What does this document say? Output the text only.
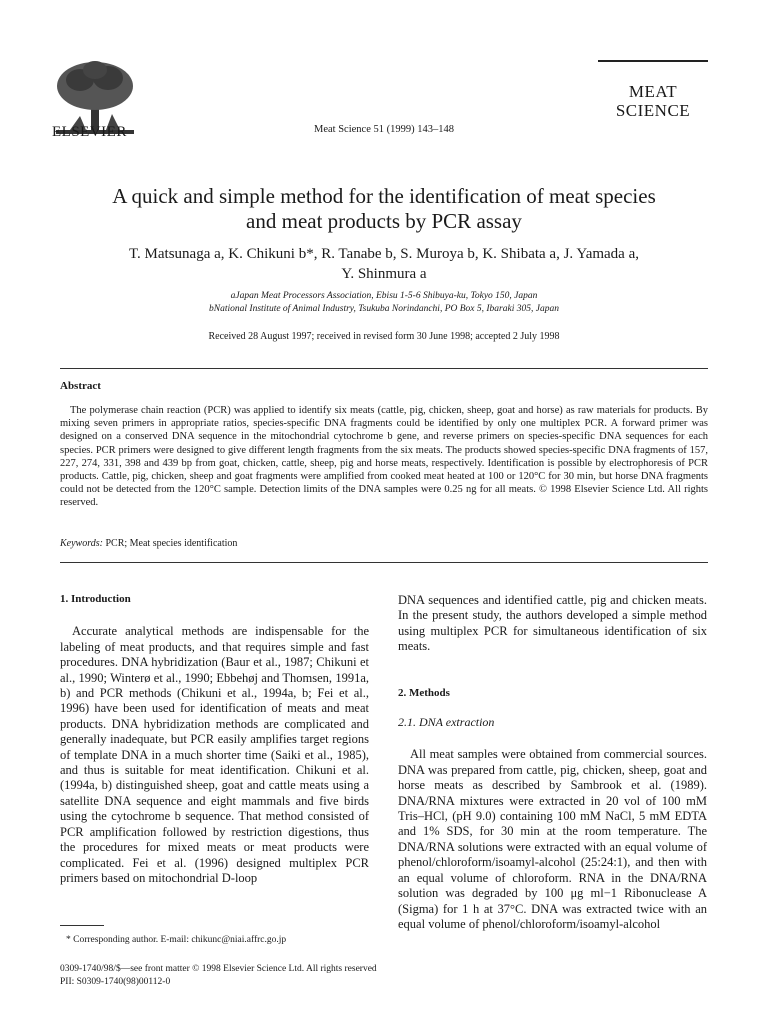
ELSEVIER	Meat Science 51 (1999) 143–148
MEAT
SCIENCE
A quick and simple method for the identification of meat species
and meat products by PCR assay
T. Matsunaga a, K. Chikuni b*, R. Tanabe b, S. Muroya b, K. Shibata a, J. Yamada a,
Y. Shinmura a
aJapan Meat Processors Association, Ebisu 1-5-6 Shibuya-ku, Tokyo 150, Japan
bNational Institute of Animal Industry, Tsukuba Norindanchi, PO Box 5, Ibaraki 305, Japan
Received 28 August 1997; received in revised form 30 June 1998; accepted 2 July 1998
Abstract
The polymerase chain reaction (PCR) was applied to identify six meats (cattle, pig, chicken, sheep, goat and horse) as raw materials for products. By mixing seven primers in appropriate ratios, species-specific DNA fragments could be identified by only one multiplex PCR. A forward primer was designed on a conserved DNA sequence in the mitochondrial cytochrome b gene, and reverse primers on species-specific DNA sequences for each species. PCR primers were designed to give different length fragments from the six meats. The products showed species-specific DNA fragments of 157, 227, 274, 331, 398 and 439 bp from goat, chicken, cattle, sheep, pig and horse meats, respectively. Identification is possible by electrophoresis of PCR products. Cattle, pig, chicken, sheep and goat fragments were amplified from cooked meat heated at 100 or 120°C for 30 min, but horse DNA fragments could not be detected from the 120°C sample. Detection limits of the DNA samples were 0.25 ng for all meats. © 1998 Elsevier Science Ltd. All rights reserved.
Keywords: PCR; Meat species identification
1. Introduction

Accurate analytical methods are indispensable for the labeling of meat products, and that requires simple and fast procedures. DNA hybridization (Baur et al., 1987; Chikuni et al., 1990; Winterø et al., 1990; Ebbehøj and Thomsen, 1991a, b) and PCR methods (Chikuni et al., 1994a, b; Fei et al., 1996) have been used for identification of meats and meat products. DNA hybridization methods are complicated and generally inadequate, but PCR easily amplifies target regions of template DNA in a much shorter time (Saiki et al., 1985), and thus is suitable for meat identification. Chikuni et al. (1994a, b) distinguished sheep, goat and cattle meats using a satellite DNA sequence and eight mammals and five birds using the cytochrome b sequence. That method consisted of PCR amplification followed by restriction digestions, thus the procedures for mixed meats or meat products were complicated. Fei et al. (1996) designed multiplex PCR primers based on mitochondrial D-loop

* Corresponding author. E-mail: chikunc@niai.affrc.go.jp

DNA sequences and identified cattle, pig and chicken meats. In the present study, the authors developed a simple method using multiplex PCR for simultaneous identification of six meats.

2. Methods
2.1. DNA extraction

All meat samples were obtained from commercial sources. DNA was prepared from cattle, pig, chicken, sheep, goat and horse meats as described by Sambrook et al. (1989). DNA/RNA mixtures were extracted in 20 vol of 100 mM Tris–HCl, (pH 9.0) containing 100 mM NaCl, 5 mM EDTA and 1% SDS, for 30 min at the room temperature. The DNA/RNA solutions were extracted with an equal volume of phenol/chloroform/isoamyl-alcohol (25:24:1), and then with an equal volume of chloroform. RNA in the DNA/RNA solution was degraded by 100 μg ml−1 Ribonuclease A (Sigma) for 1 h at 37°C. DNA was extracted twice with an equal volume of phenol/chloroform/isoamyl-alcohol

0309-1740/98/$—see front matter © 1998 Elsevier Science Ltd. All rights reserved
PII: S0309-1740(98)00112-0
